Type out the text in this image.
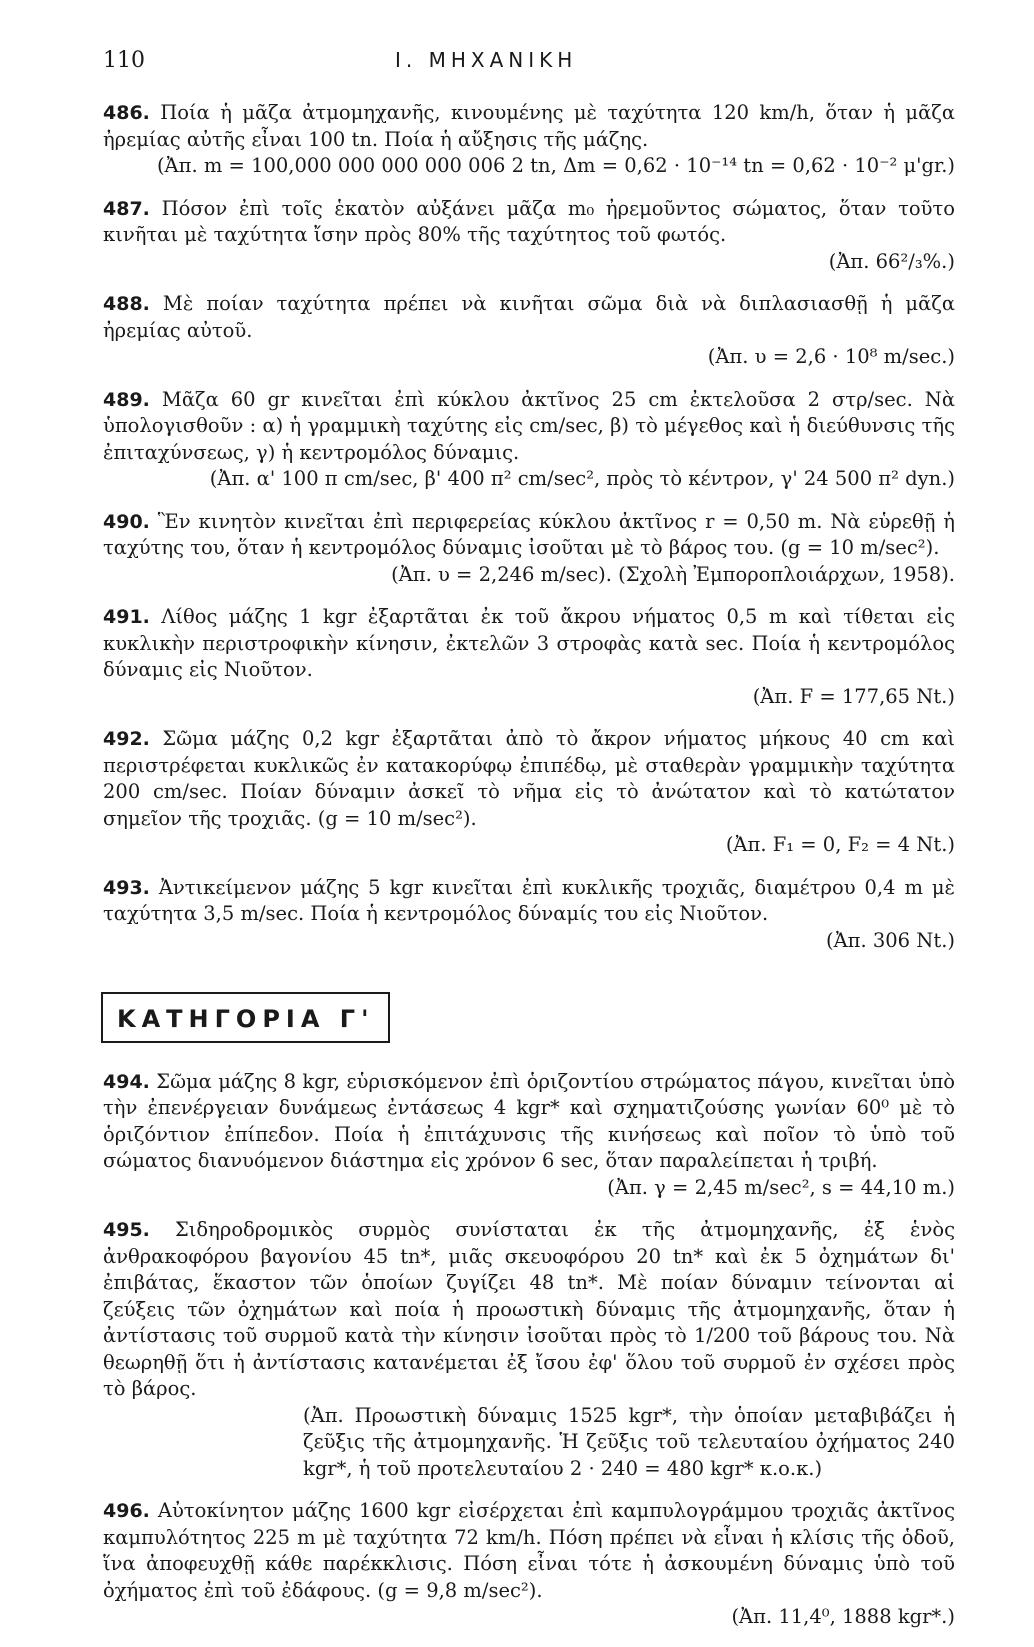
110	Ι. ΜΗΧΑΝΙΚΗ
486. Ποία ἡ μᾶζα ἀτμομηχανῆς, κινουμένης μὲ ταχύτητα 120 km/h, ὅταν ἡ μᾶζα ἠρεμίας αὐτῆς εἶναι 100 tn. Ποία ἡ αὔξησις τῆς μάζης.
(Ἀπ. m = 100,000 000 000 000 006 2 tn, Δm = 0,62 · 10⁻¹⁴ tn = 0,62 · 10⁻² μ'gr.)
487. Πόσον ἐπὶ τοῖς ἑκατὸν αὐξάνει μᾶζα m₀ ἠρεμοῦντος σώματος, ὅταν τοῦτο κινῆται μὲ ταχύτητα ἴσην πρὸς 80% τῆς ταχύτητος τοῦ φωτός.
(Ἀπ. 66²/₃%.)
488. Μὲ ποίαν ταχύτητα πρέπει νὰ κινῆται σῶμα διὰ νὰ διπλασιασθῇ ἡ μᾶζα ἠρεμίας αὐτοῦ.
(Ἀπ. υ = 2,6 · 10⁸ m/sec.)
489. Μᾶζα 60 gr κινεῖται ἐπὶ κύκλου ἀκτῖνος 25 cm ἐκτελοῦσα 2 στρ/sec. Νὰ ὑπολογισθοῦν : α) ἡ γραμμικὴ ταχύτης εἰς cm/sec, β) τὸ μέγεθος καὶ ἡ διεύθυνσις τῆς ἐπιταχύνσεως, γ) ἡ κεντρομόλος δύναμις.
(Ἀπ. α' 100 π cm/sec, β' 400 π² cm/sec², πρὸς τὸ κέντρον, γ' 24 500 π² dyn.)
490. Ἓν κινητὸν κινεῖται ἐπὶ περιφερείας κύκλου ἀκτῖνος r = 0,50 m. Νὰ εὑρεθῇ ἡ ταχύτης του, ὅταν ἡ κεντρομόλος δύναμις ἰσοῦται μὲ τὸ βάρος του. (g = 10 m/sec²).
(Ἀπ. υ = 2,246 m/sec). (Σχολὴ Ἐμποροπλοιάρχων, 1958).
491. Λίθος μάζης 1 kgr ἐξαρτᾶται ἐκ τοῦ ἄκρου νήματος 0,5 m καὶ τίθεται εἰς κυκλικὴν περιστροφικὴν κίνησιν, ἐκτελῶν 3 στροφὰς κατὰ sec. Ποία ἡ κεντρομόλος δύναμις εἰς Νιοῦτον.
(Ἀπ. F = 177,65 Nt.)
492. Σῶμα μάζης 0,2 kgr ἐξαρτᾶται ἀπὸ τὸ ἄκρον νήματος μήκους 40 cm καὶ περιστρέφεται κυκλικῶς ἐν κατακορύφῳ ἐπιπέδῳ, μὲ σταθερὰν γραμμικὴν ταχύτητα 200 cm/sec. Ποίαν δύναμιν ἀσκεῖ τὸ νῆμα εἰς τὸ ἀνώτατον καὶ τὸ κατώτατον σημεῖον τῆς τροχιᾶς. (g = 10 m/sec²).
(Ἀπ. F₁ = 0, F₂ = 4 Nt.)
493. Ἀντικείμενον μάζης 5 kgr κινεῖται ἐπὶ κυκλικῆς τροχιᾶς, διαμέτρου 0,4 m μὲ ταχύτητα 3,5 m/sec. Ποία ἡ κεντρομόλος δύναμίς του εἰς Νιοῦτον.
(Ἀπ. 306 Nt.)
ΚΑΤΗΓΟΡΙΑ Γ'
494. Σῶμα μάζης 8 kgr, εὑρισκόμενον ἐπὶ ὁριζοντίου στρώματος πάγου, κινεῖται ὑπὸ τὴν ἐπενέργειαν δυνάμεως ἐντάσεως 4 kgr* καὶ σχηματιζούσης γωνίαν 60⁰ μὲ τὸ ὁριζόντιον ἐπίπεδον. Ποία ἡ ἐπιτάχυνσις τῆς κινήσεως καὶ ποῖον τὸ ὑπὸ τοῦ σώματος διανυόμενον διάστημα εἰς χρόνον 6 sec, ὅταν παραλείπεται ἡ τριβή.
(Ἀπ. γ = 2,45 m/sec², s = 44,10 m.)
495. Σιδηροδρομικὸς συρμὸς συνίσταται ἐκ τῆς ἀτμομηχανῆς, ἐξ ἑνὸς ἀνθρακοφόρου βαγονίου 45 tn*, μιᾶς σκευοφόρου 20 tn* καὶ ἐκ 5 ὀχημάτων δι' ἐπιβάτας, ἕκαστον τῶν ὁποίων ζυγίζει 48 tn*. Μὲ ποίαν δύναμιν τείνονται αἱ ζεύξεις τῶν ὀχημάτων καὶ ποία ἡ προωστικὴ δύναμις τῆς ἀτμομηχανῆς, ὅταν ἡ ἀντίστασις τοῦ συρμοῦ κατὰ τὴν κίνησιν ἰσοῦται πρὸς τὸ 1/200 τοῦ βάρους του. Νὰ θεωρηθῇ ὅτι ἡ ἀντίστασις κατανέμεται ἐξ ἴσου ἐφ' ὅλου τοῦ συρμοῦ ἐν σχέσει πρὸς τὸ βάρος.
(Ἀπ. Προωστικὴ δύναμις 1525 kgr*, τὴν ὁποίαν μεταβιβάζει ἡ ζεῦξις τῆς ἀτμομηχανῆς. Ἡ ζεῦξις τοῦ τελευταίου ὀχήματος 240 kgr*, ἡ τοῦ προτελευταίου 2 · 240 = 480 kgr* κ.ο.κ.)
496. Αὐτοκίνητον μάζης 1600 kgr εἰσέρχεται ἐπὶ καμπυλογράμμου τροχιᾶς ἀκτῖνος καμπυλότητος 225 m μὲ ταχύτητα 72 km/h. Πόση πρέπει νὰ εἶναι ἡ κλίσις τῆς ὁδοῦ, ἵνα ἀποφευχθῇ κάθε παρέκκλισις. Πόση εἶναι τότε ἡ ἀσκουμένη δύναμις ὑπὸ τοῦ ὀχήματος ἐπὶ τοῦ ἐδάφους. (g = 9,8 m/sec²).
(Ἀπ. 11,4⁰, 1888 kgr*.)
